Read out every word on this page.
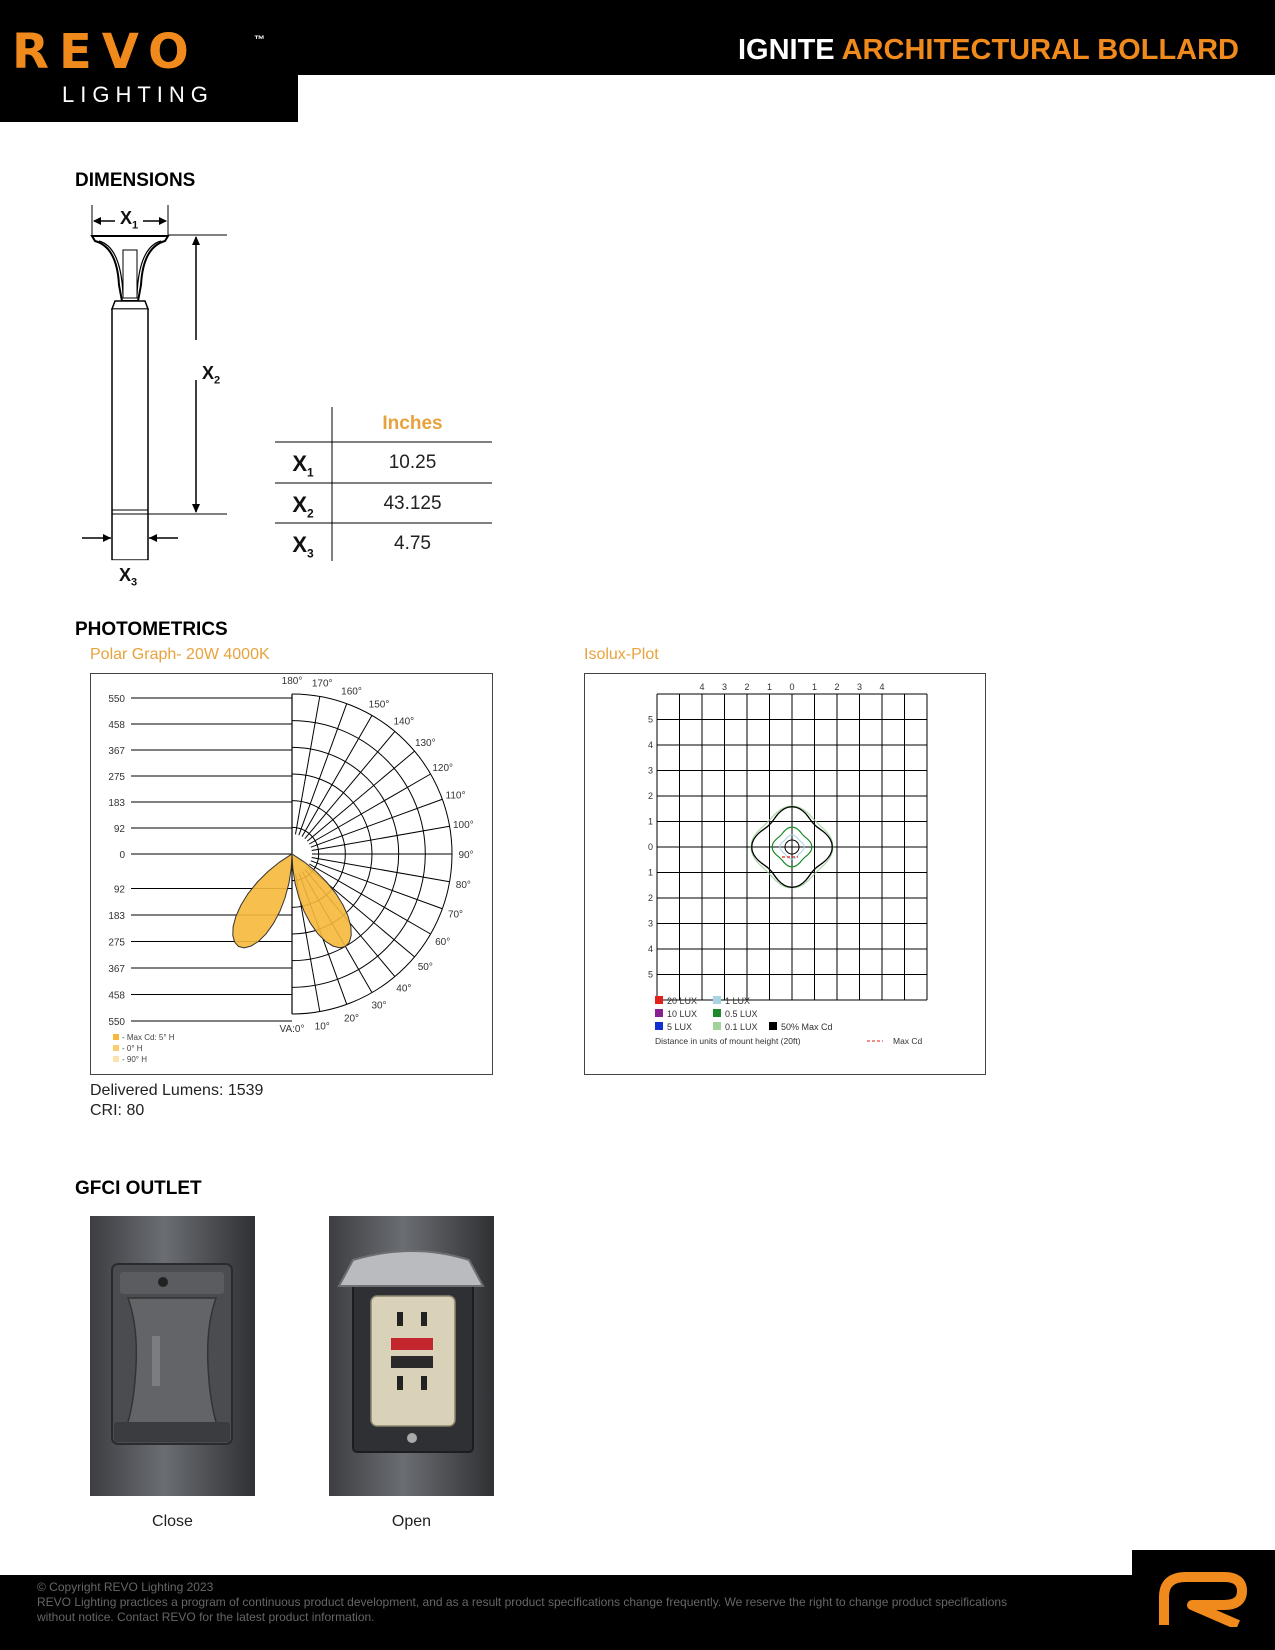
REVO	™
LIGHTING
IGNITE ARCHITECTURAL BOLLARD
DIMENSIONS
$X_1$
$X_2$
$X_3$
Inches
$X_1$	10.25
$X_2$	43.125
$X_3$	4.75
PHOTOMETRICS
Polar Graph- 20W 4000K	Isolux-Plot
550
458
367
275
183
92
0
92
183
275
367
458
550
180° 170°
160°
150°
140°
130°
120°
110°
100°
90°
80°
70°
60°
50°
40°
30°
20°
10°
VA:0°
- Max Cd: 5° H
- 0° H
- 90° H
4 3 2 1 0 1 2 3 4
5
4
3
2
1
0
1
2
3
4
5
20 LUX	1 LUX
10 LUX	0.5 LUX
5 LUX	0.1 LUX	50% Max Cd
Distance in units of mount height (20ft)	Max Cd
Delivered Lumens: 1539
CRI: 80
GFCI OUTLET
Close	Open
© Copyright REVO Lighting 2023
REVO Lighting practices a program of continuous product development, and as a result product specifications change frequently. We reserve the right to change product specifications without notice. Contact REVO for the latest product information.
